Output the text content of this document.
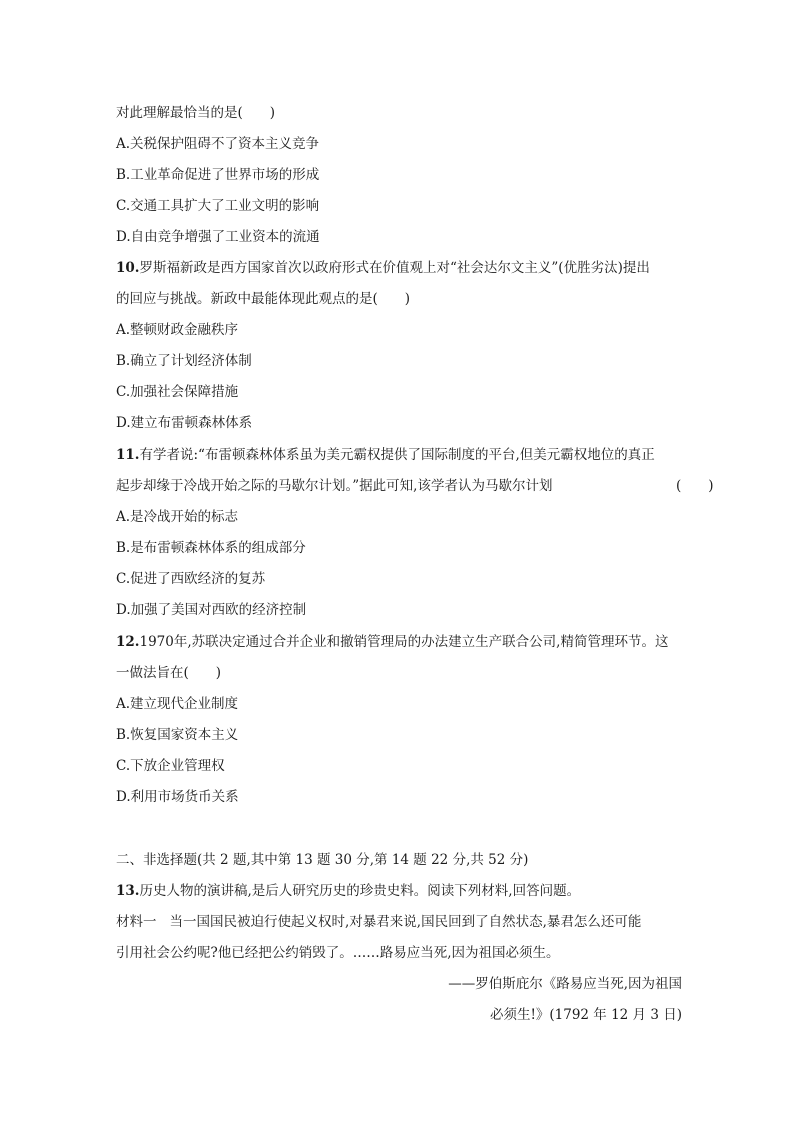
对此理解最恰当的是(　　)
A.关税保护阻碍不了资本主义竞争
B.工业革命促进了世界市场的形成
C.交通工具扩大了工业文明的影响
D.自由竞争增强了工业资本的流通
10.罗斯福新政是西方国家首次以政府形式在价值观上对“社会达尔文主义”(优胜劣汰)提出
的回应与挑战。新政中最能体现此观点的是(　　)
A.整顿财政金融秩序
B.确立了计划经济体制
C.加强社会保障措施
D.建立布雷顿森林体系
11.有学者说:“布雷顿森林体系虽为美元霸权提供了国际制度的平台,但美元霸权地位的真正
起步却缘于冷战开始之际的马歇尔计划。”据此可知,该学者认为马歇尔计划	(　　)
A.是冷战开始的标志
B.是布雷顿森林体系的组成部分
C.促进了西欧经济的复苏
D.加强了美国对西欧的经济控制
12.1970年,苏联决定通过合并企业和撤销管理局的办法建立生产联合公司,精简管理环节。这
一做法旨在(　　)
A.建立现代企业制度
B.恢复国家资本主义
C.下放企业管理权
D.利用市场货币关系
二、非选择题(共 2 题,其中第 13 题 30 分,第 14 题 22 分,共 52 分)
13.历史人物的演讲稿,是后人研究历史的珍贵史料。阅读下列材料,回答问题。
材料一 当一国国民被迫行使起义权时,对暴君来说,国民回到了自然状态,暴君怎么还可能
引用社会公约呢?他已经把公约销毁了。……路易应当死,因为祖国必须生。
——罗伯斯庇尔《路易应当死,因为祖国
必须生!》(1792 年 12 月 3 日)
